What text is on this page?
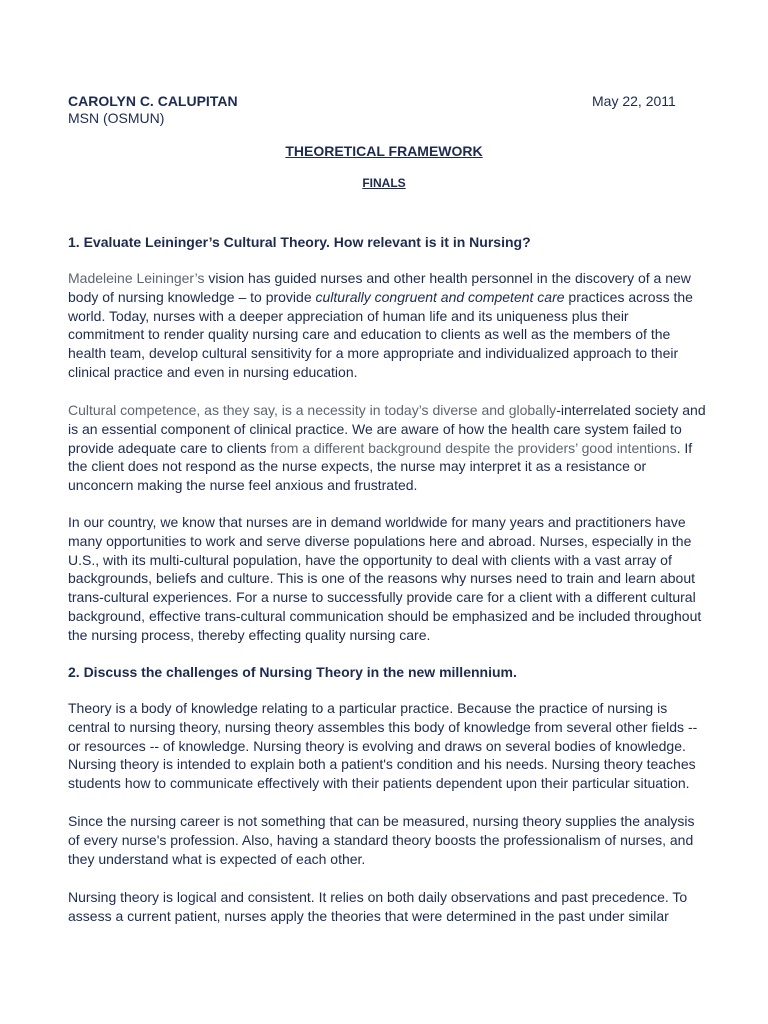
CAROLYN C. CALUPITAN

MSN (OSMUN)

May 22, 2011

THEORETICAL FRAMEWORK

FINALS

1. Evaluate Leininger’s Cultural Theory. How relevant is it in Nursing?

Madeleine Leininger’s vision has guided nurses and other health personnel in the discovery of a new
body of nursing knowledge – to provide culturally congruent and competent care practices across the
world. Today, nurses with a deeper appreciation of human life and its uniqueness plus their
commitment to render quality nursing care and education to clients as well as the members of the
health team, develop cultural sensitivity for a more appropriate and individualized approach to their
clinical practice and even in nursing education.
Cultural competence, as they say, is a necessity in today’s diverse and globally-interrelated society and
is an essential component of clinical practice. We are aware of how the health care system failed to
provide adequate care to clients from a different background despite the providers’ good intentions. If
the client does not respond as the nurse expects, the nurse may interpret it as a resistance or
unconcern making the nurse feel anxious and frustrated.
In our country, we know that nurses are in demand worldwide for many years and practitioners have
many opportunities to work and serve diverse populations here and abroad. Nurses, especially in the
U.S., with its multi-cultural population, have the opportunity to deal with clients with a vast array of
backgrounds, beliefs and culture. This is one of the reasons why nurses need to train and learn about
trans-cultural experiences. For a nurse to successfully provide care for a client with a different cultural
background, effective trans-cultural communication should be emphasized and be included throughout
the nursing process, thereby effecting quality nursing care.

2. Discuss the challenges of Nursing Theory in the new millennium.

Theory is a body of knowledge relating to a particular practice. Because the practice of nursing is
central to nursing theory, nursing theory assembles this body of knowledge from several other fields --
or resources -- of knowledge. Nursing theory is evolving and draws on several bodies of knowledge.
Nursing theory is intended to explain both a patient's condition and his needs. Nursing theory teaches
students how to communicate effectively with their patients dependent upon their particular situation.
Since the nursing career is not something that can be measured, nursing theory supplies the analysis
of every nurse's profession. Also, having a standard theory boosts the professionalism of nurses, and
they understand what is expected of each other.
Nursing theory is logical and consistent. It relies on both daily observations and past precedence. To
assess a current patient, nurses apply the theories that were determined in the past under similar
